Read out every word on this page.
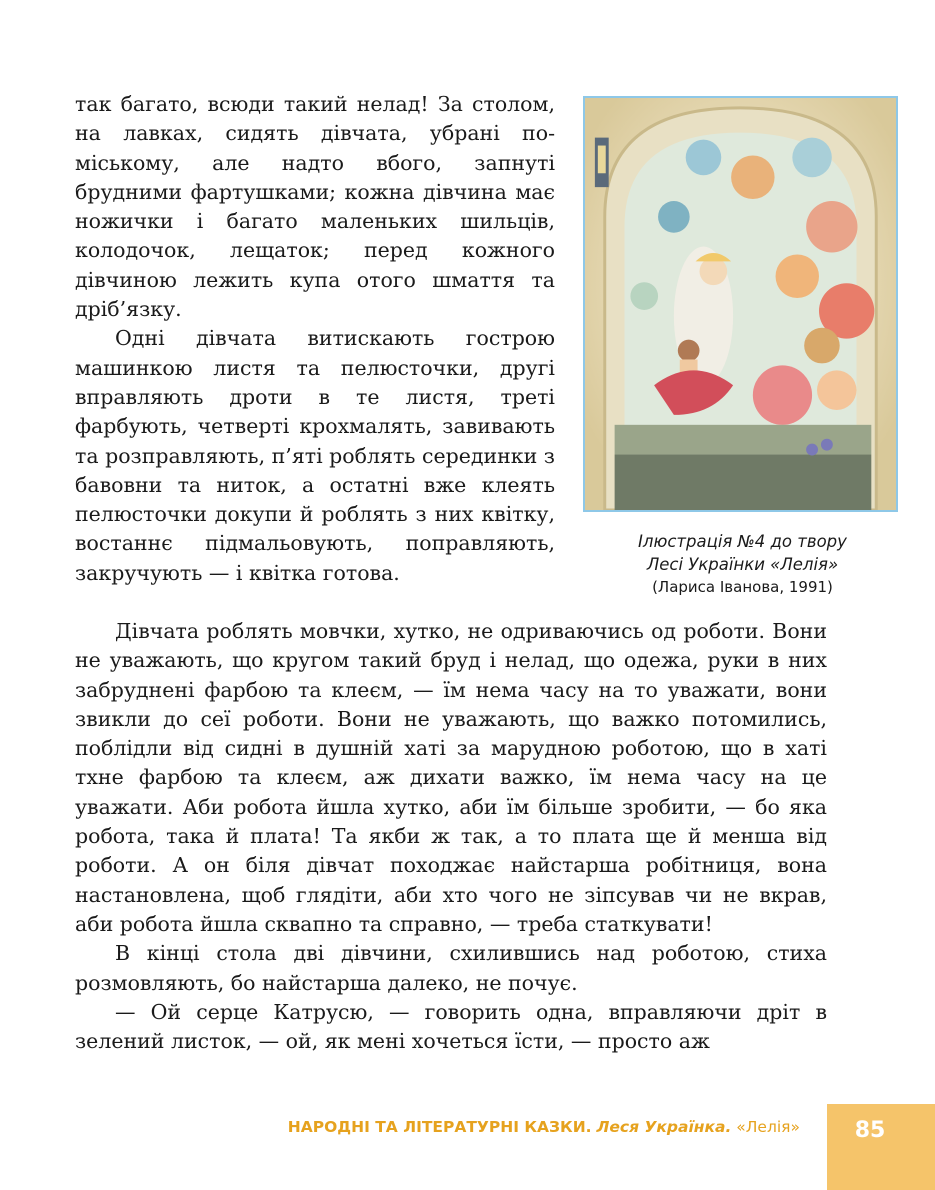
так багато, всюди такий нелад! За столом, на лавках, сидять дівчата, убрані по-міському, але надто вбого, запнуті брудними фартушками; кожна дівчина має ножички і багато маленьких шильців, колодочок, лещаток; перед кожного дівчиною лежить купа отого шмаття та дріб’язку.

Одні дівчата витискають гострою машинкою листя та пелюсточки, другі вправляють дроти в те листя, треті фарбують, четверті крохмалять, завивають та розправляють, п’яті роблять серединки з бавовни та ниток, а остатні вже клеять пелюсточки докупи й роблять з них квітку, востаннє підмальовують, поправляють, закручують — і квітка готова.

Ілюстрація №4 до твору
Лесі Українки «Лелія»
(Лариса Іванова, 1991)

Дівчата роблять мовчки, хутко, не одриваючись од роботи. Вони не уважають, що кругом такий бруд і нелад, що одежа, руки в них забруднені фарбою та клеєм, — їм нема часу на то уважати, вони звикли до сеї роботи. Вони не уважають, що важко потомились, поблідли від сидні в душній хаті за марудною роботою, що в хаті тхне фарбою та клеєм, аж дихати важко, їм нема часу на це уважати. Аби робота йшла хутко, аби їм більше зробити, — бо яка робота, така й плата! Та якби ж так, а то плата ще й менша від роботи. А он біля дівчат походжає найстарша робітниця, вона настановлена, щоб глядіти, аби хто чого не зіпсував чи не вкрав, аби робота йшла сквапно та справно, — треба статкувати!

В кінці стола дві дівчини, схилившись над роботою, стиха розмовляють, бо найстарша далеко, не почує.

— Ой серце Катрусю, — говорить одна, вправляючи дріт в зелений листок, — ой, як мені хочеться їсти, — просто аж

НАРОДНІ ТА ЛІТЕРАТУРНІ КАЗКИ. Леся Українка. «Лелія»	85
